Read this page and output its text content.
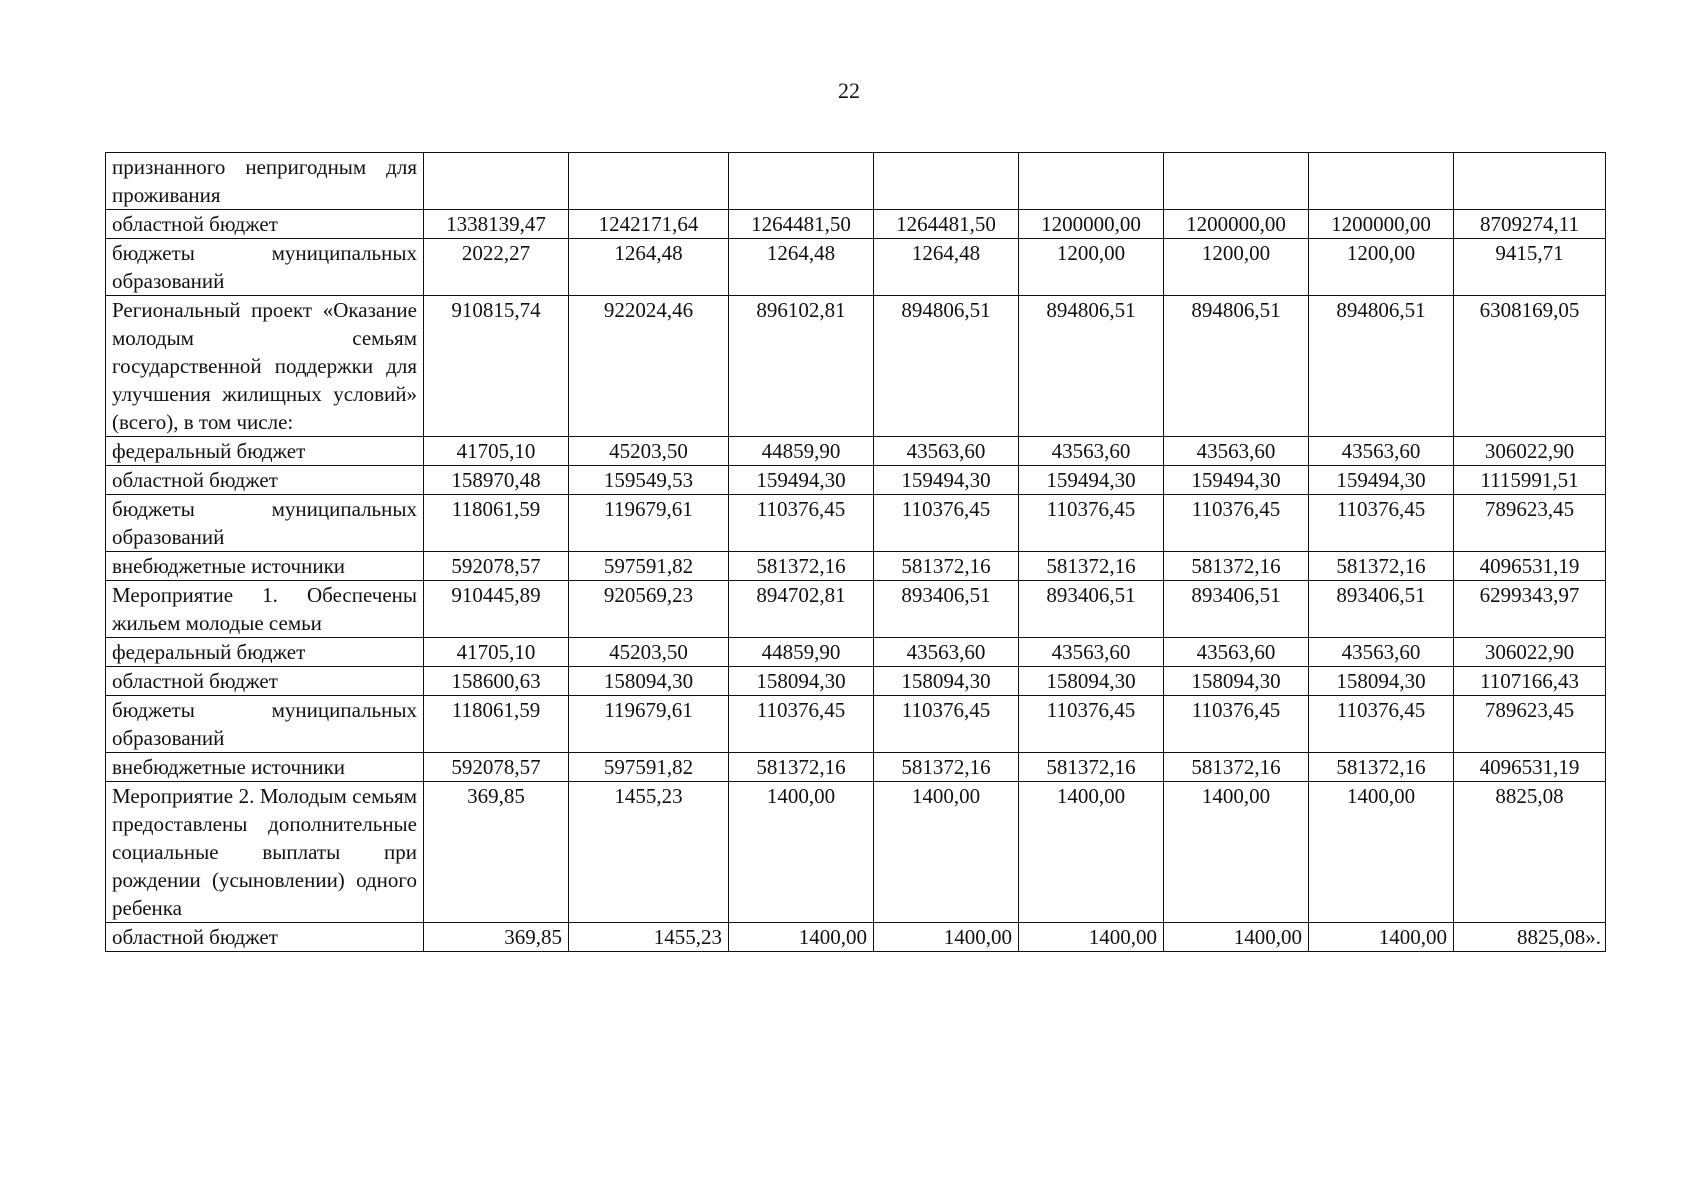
22
признанного непригодным для проживания								
областной бюджет	1338139,47	1242171,64	1264481,50	1264481,50	1200000,00	1200000,00	1200000,00	8709274,11
бюджеты муниципальных образований	2022,27	1264,48	1264,48	1264,48	1200,00	1200,00	1200,00	9415,71
Региональный проект «Оказание молодым семьям государственной поддержки для улучшения жилищных условий» (всего), в том числе:	910815,74	922024,46	896102,81	894806,51	894806,51	894806,51	894806,51	6308169,05
федеральный бюджет	41705,10	45203,50	44859,90	43563,60	43563,60	43563,60	43563,60	306022,90
областной бюджет	158970,48	159549,53	159494,30	159494,30	159494,30	159494,30	159494,30	1115991,51
бюджеты муниципальных образований	118061,59	119679,61	110376,45	110376,45	110376,45	110376,45	110376,45	789623,45
внебюджетные источники	592078,57	597591,82	581372,16	581372,16	581372,16	581372,16	581372,16	4096531,19
Мероприятие 1. Обеспечены жильем молодые семьи	910445,89	920569,23	894702,81	893406,51	893406,51	893406,51	893406,51	6299343,97
федеральный бюджет	41705,10	45203,50	44859,90	43563,60	43563,60	43563,60	43563,60	306022,90
областной бюджет	158600,63	158094,30	158094,30	158094,30	158094,30	158094,30	158094,30	1107166,43
бюджеты муниципальных образований	118061,59	119679,61	110376,45	110376,45	110376,45	110376,45	110376,45	789623,45
внебюджетные источники	592078,57	597591,82	581372,16	581372,16	581372,16	581372,16	581372,16	4096531,19
Мероприятие 2. Молодым семьям предоставлены дополнительные социальные выплаты при рождении (усыновлении) одного ребенка	369,85	1455,23	1400,00	1400,00	1400,00	1400,00	1400,00	8825,08
областной бюджет	369,85	1455,23	1400,00	1400,00	1400,00	1400,00	1400,00	8825,08».
